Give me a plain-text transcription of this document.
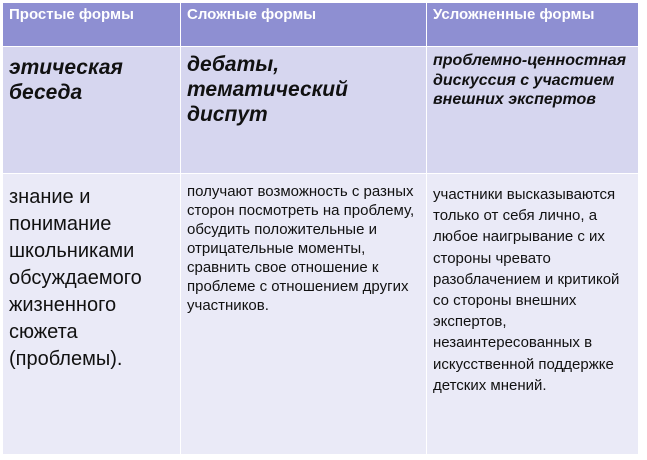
Простые формы	Сложные формы	Усложненные формы
этическая беседа	дебаты, тематический диспут	проблемно-ценностная дискуссия с участием внешних экспертов
знание и понимание школьниками обсуждаемого жизненного сюжета (проблемы).	получают возможность с разных сторон посмотреть на проблему, обсудить положительные и отрицательные моменты, сравнить свое отношение к проблеме с отношением других участников.	участники высказываются только от себя лично, а любое наигрывание с их стороны чревато разоблачением и критикой со стороны внешних экспертов, незаинтересованных в искусственной поддержке детских мнений.
